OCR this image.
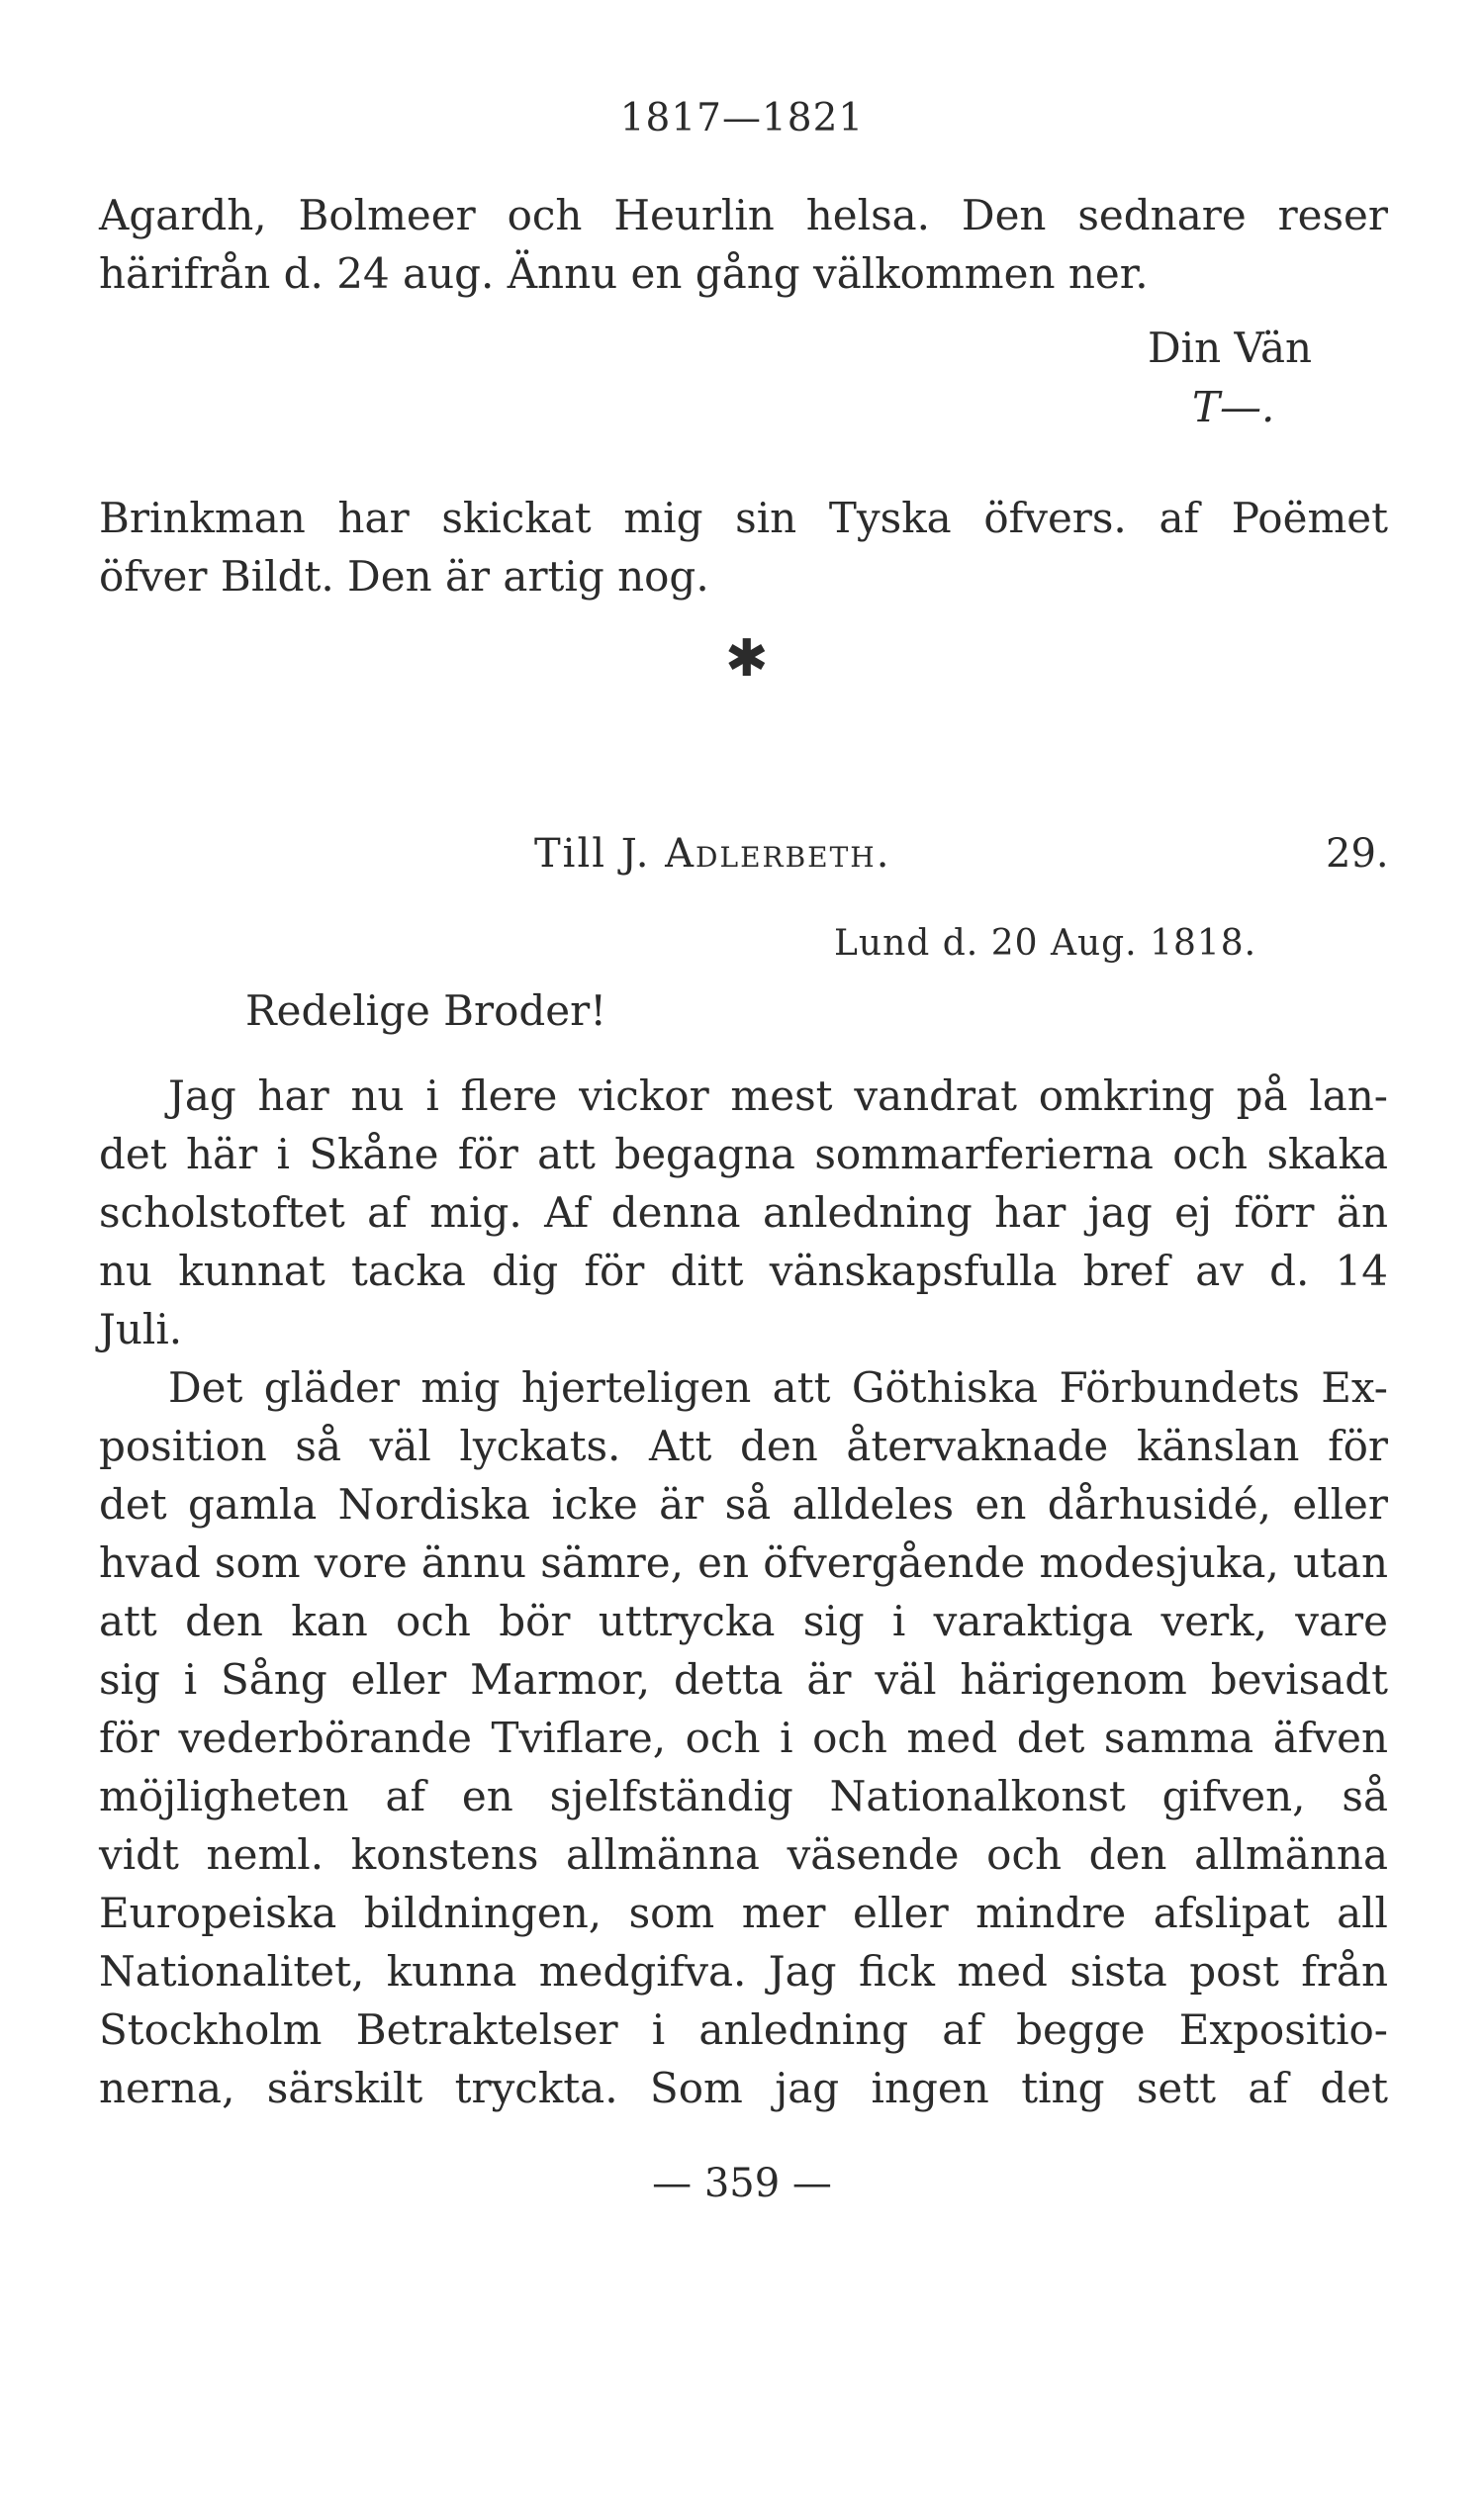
1817—1821
Agardh, Bolmeer och Heurlin helsa. Den sednare reser
härifrån d. 24 aug. Ännu en gång välkommen ner.
Din Vän
T—.
Brinkman har skickat mig sin Tyska öfvers. af Poëmet
öfver Bildt. Den är artig nog.
✱
Till J. Adlerbeth.	29.
Lund d. 20 Aug. 1818.
Redelige Broder!
Jag har nu i flere vickor mest vandrat omkring på lan-
det här i Skåne för att begagna sommarferierna och skaka
scholstoftet af mig. Af denna anledning har jag ej förr än
nu kunnat tacka dig för ditt vänskapsfulla bref av d. 14
Juli.
Det gläder mig hjerteligen att Göthiska Förbundets Ex-
position så väl lyckats. Att den återvaknade känslan för
det gamla Nordiska icke är så alldeles en dårhusidé, eller
hvad som vore ännu sämre, en öfvergående modesjuka, utan
att den kan och bör uttrycka sig i varaktiga verk, vare
sig i Sång eller Marmor, detta är väl härigenom bevisadt
för vederbörande Tviflare, och i och med det samma äfven
möjligheten af en sjelfständig Nationalkonst gifven, så
vidt neml. konstens allmänna väsende och den allmänna
Europeiska bildningen, som mer eller mindre afslipat all
Nationalitet, kunna medgifva. Jag fick med sista post från
Stockholm Betraktelser i anledning af begge Expositio-
nerna, särskilt tryckta. Som jag ingen ting sett af det
— 359 —
